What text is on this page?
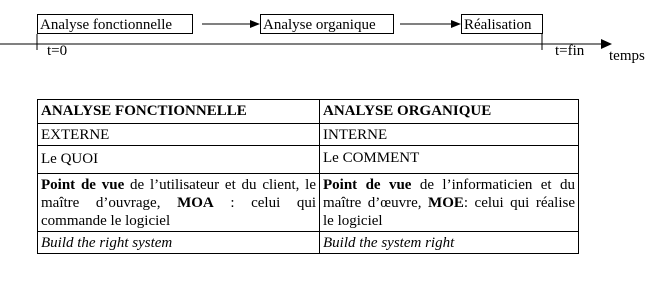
Analyse fonctionnelle	Analyse organique	Réalisation
t=0	t=fin temps
ANALYSE FONCTIONNELLE	ANALYSE ORGANIQUE
EXTERNE	INTERNE
Le QUOI	Le COMMENT
Point de vue de l’utilisateur et du client, le maître d’ouvrage, MOA : celui qui commande le logiciel	Point de vue de l’informaticien et du maître d’œuvre, MOE: celui qui réalise le logiciel
Build the right system	Build the system right
